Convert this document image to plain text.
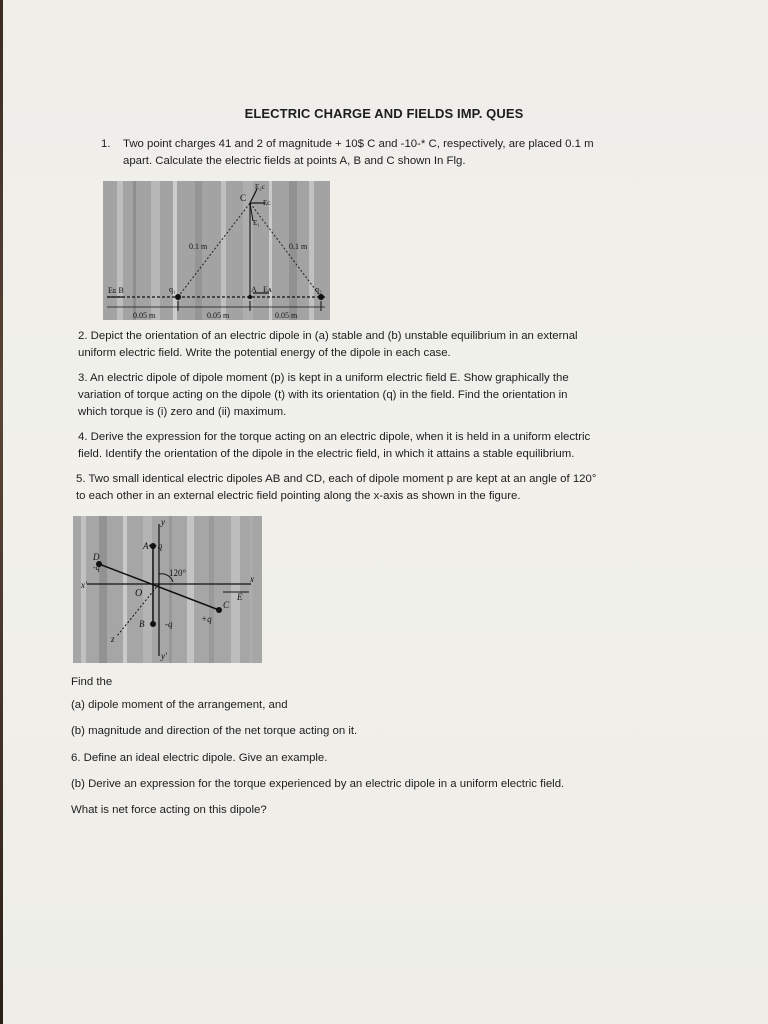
ELECTRIC CHARGE AND FIELDS IMP. QUES
1. Two point charges 41 and 2 of magnitude + 10$ C and -10-* C, respectively, are placed 0.1 m
apart. Calculate the electric fields at points A, B and C shown In Flg.
C
E₂c
Eᴄ
E₁
0.1 m	0.1 m
Eᴇ B	A Eᴀ
q₁	q₂
0.05 m	0.05 m	0.05 m
2. Depict the orientation of an electric dipole in (a) stable and (b) unstable equilibrium in an external
uniform electric field. Write the potential energy of the dipole in each case.
3. An electric dipole of dipole moment (p) is kept in a uniform electric field E. Show graphically the
variation of torque acting on the dipole (t) with its orientation (q) in the field. Find the orientation in
which torque is (i) zero and (ii) maximum.
4. Derive the expression for the torque acting on an electric dipole, when it is held in a uniform electric
field. Identify the orientation of the dipole in the electric field, in which it attains a stable equilibrium.
5. Two small identical electric dipoles AB and CD, each of dipole moment p are kept at an angle of 120°
to each other in an external electric field pointing along the x-axis as shown in the figure.
y
y'
x
x'
z
120°
O
A•+q
D
-q
B -q
C
+q
E
Find the
(a) dipole moment of the arrangement, and
(b) magnitude and direction of the net torque acting on it.
6. Define an ideal electric dipole. Give an example.
(b) Derive an expression for the torque experienced by an electric dipole in a uniform electric field.
What is net force acting on this dipole?
